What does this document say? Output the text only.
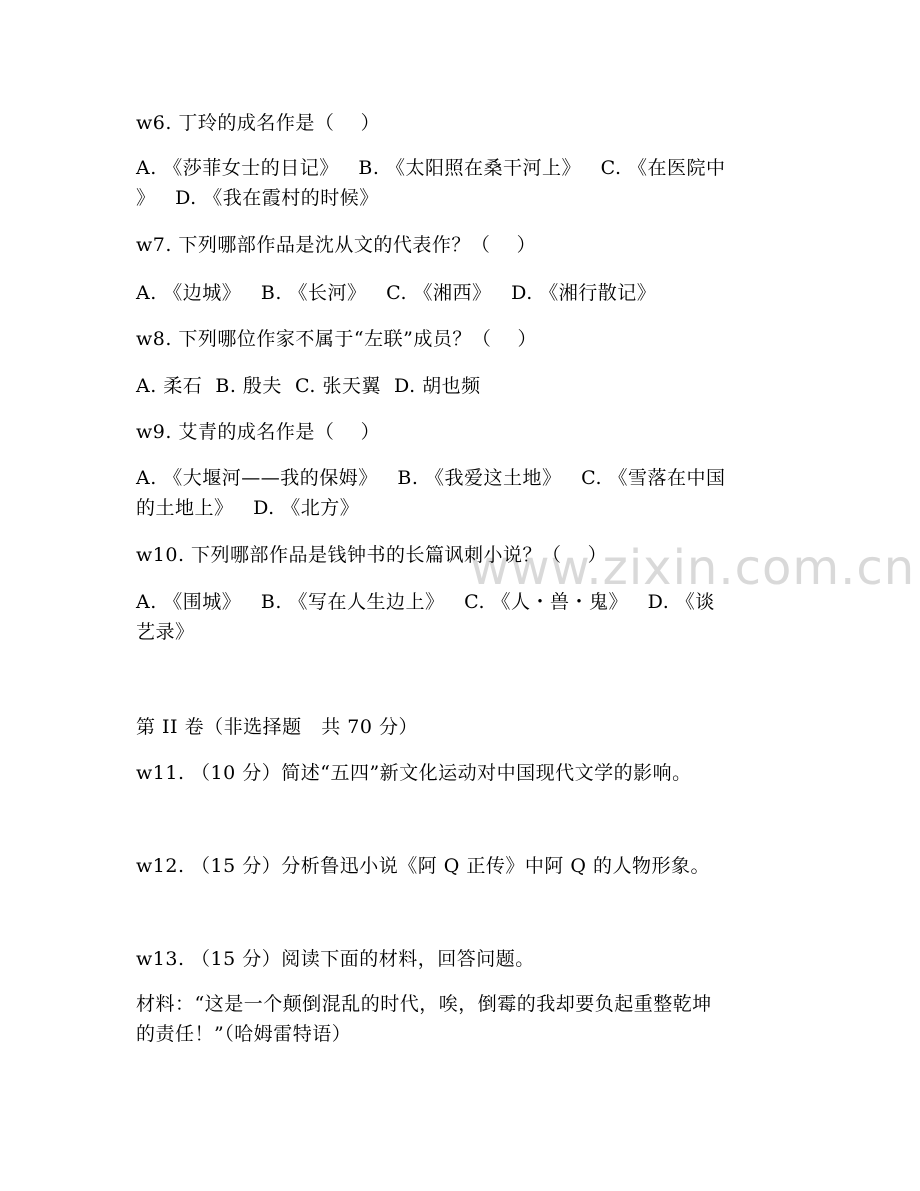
www.zixin.com.cn
w6. 丁玲的成名作是（    ）
A. 《莎菲女士的日记》   B. 《太阳照在桑干河上》   C. 《在医院中
》   D. 《我在霞村的时候》
w7. 下列哪部作品是沈从文的代表作？（    ）
A. 《边城》   B. 《长河》   C. 《湘西》   D. 《湘行散记》
w8. 下列哪位作家不属于“左联”成员？（    ）
A. 柔石  B. 殷夫  C. 张天翼  D. 胡也频
w9. 艾青的成名作是（    ）
A. 《大堰河——我的保姆》   B. 《我爱这土地》   C. 《雪落在中国
的土地上》   D. 《北方》
w10. 下列哪部作品是钱钟书的长篇讽刺小说？（    ）
A. 《围城》   B. 《写在人生边上》   C. 《人・兽・鬼》   D. 《谈
艺录》
第 II 卷（非选择题   共 70 分）
w11. （10 分）简述“五四”新文化运动对中国现代文学的影响。
w12. （15 分）分析鲁迅小说《阿 Q 正传》中阿 Q 的人物形象。
w13. （15 分）阅读下面的材料，回答问题。
材料：“这是一个颠倒混乱的时代，唉，倒霉的我却要负起重整乾坤
的责任！”（哈姆雷特语）
